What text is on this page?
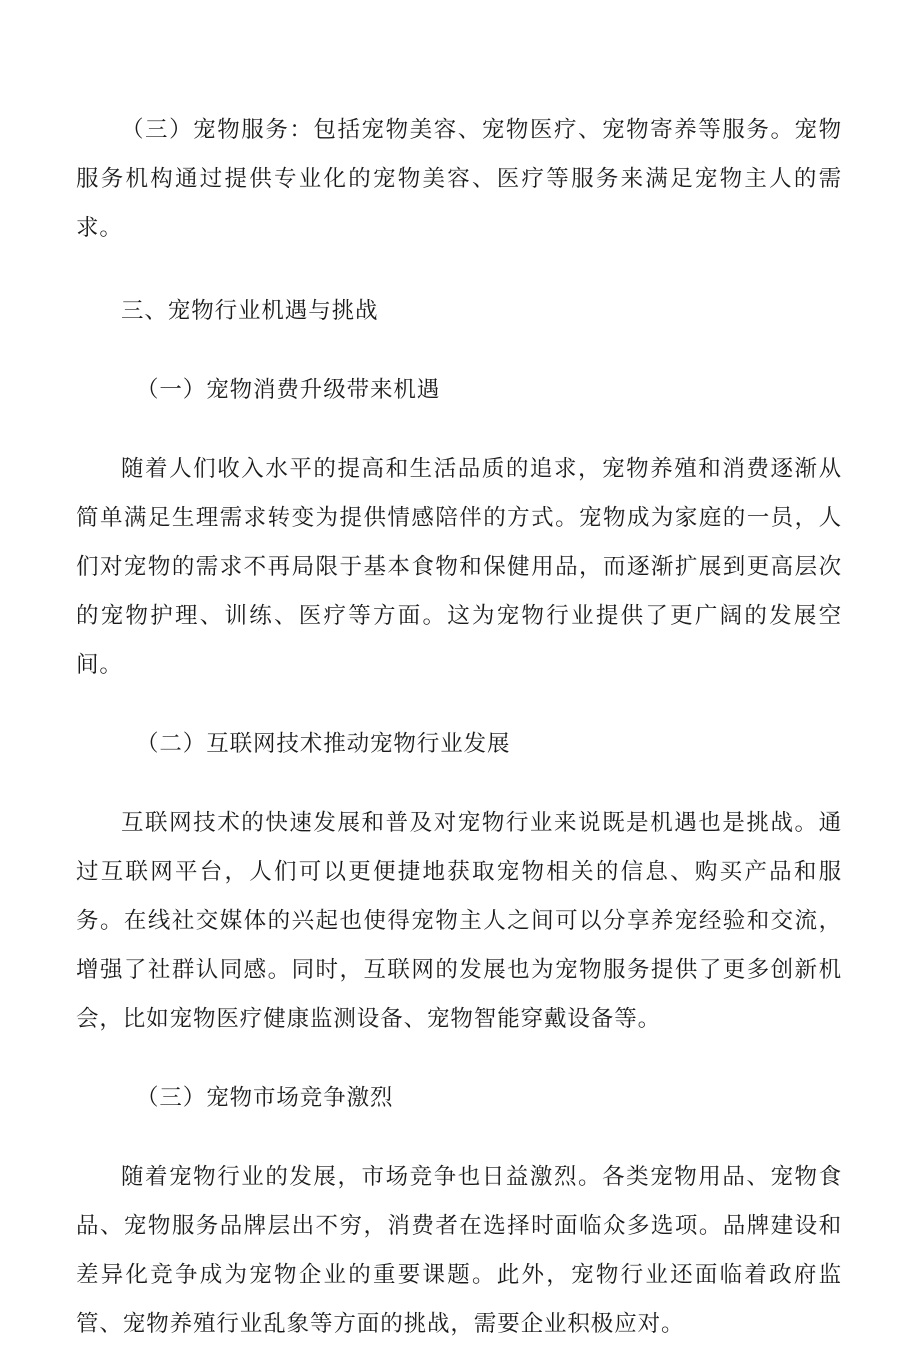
（三）宠物服务：包括宠物美容、宠物医疗、宠物寄养等服务。宠物服务机构通过提供专业化的宠物美容、医疗等服务来满足宠物主人的需求。

三、宠物行业机遇与挑战

（一）宠物消费升级带来机遇

随着人们收入水平的提高和生活品质的追求，宠物养殖和消费逐渐从简单满足生理需求转变为提供情感陪伴的方式。宠物成为家庭的一员，人们对宠物的需求不再局限于基本食物和保健用品，而逐渐扩展到更高层次的宠物护理、训练、医疗等方面。这为宠物行业提供了更广阔的发展空间。

（二）互联网技术推动宠物行业发展

互联网技术的快速发展和普及对宠物行业来说既是机遇也是挑战。通过互联网平台，人们可以更便捷地获取宠物相关的信息、购买产品和服务。在线社交媒体的兴起也使得宠物主人之间可以分享养宠经验和交流，增强了社群认同感。同时，互联网的发展也为宠物服务提供了更多创新机会，比如宠物医疗健康监测设备、宠物智能穿戴设备等。

（三）宠物市场竞争激烈

随着宠物行业的发展，市场竞争也日益激烈。各类宠物用品、宠物食品、宠物服务品牌层出不穷，消费者在选择时面临众多选项。品牌建设和差异化竞争成为宠物企业的重要课题。此外，宠物行业还面临着政府监管、宠物养殖行业乱象等方面的挑战，需要企业积极应对。
